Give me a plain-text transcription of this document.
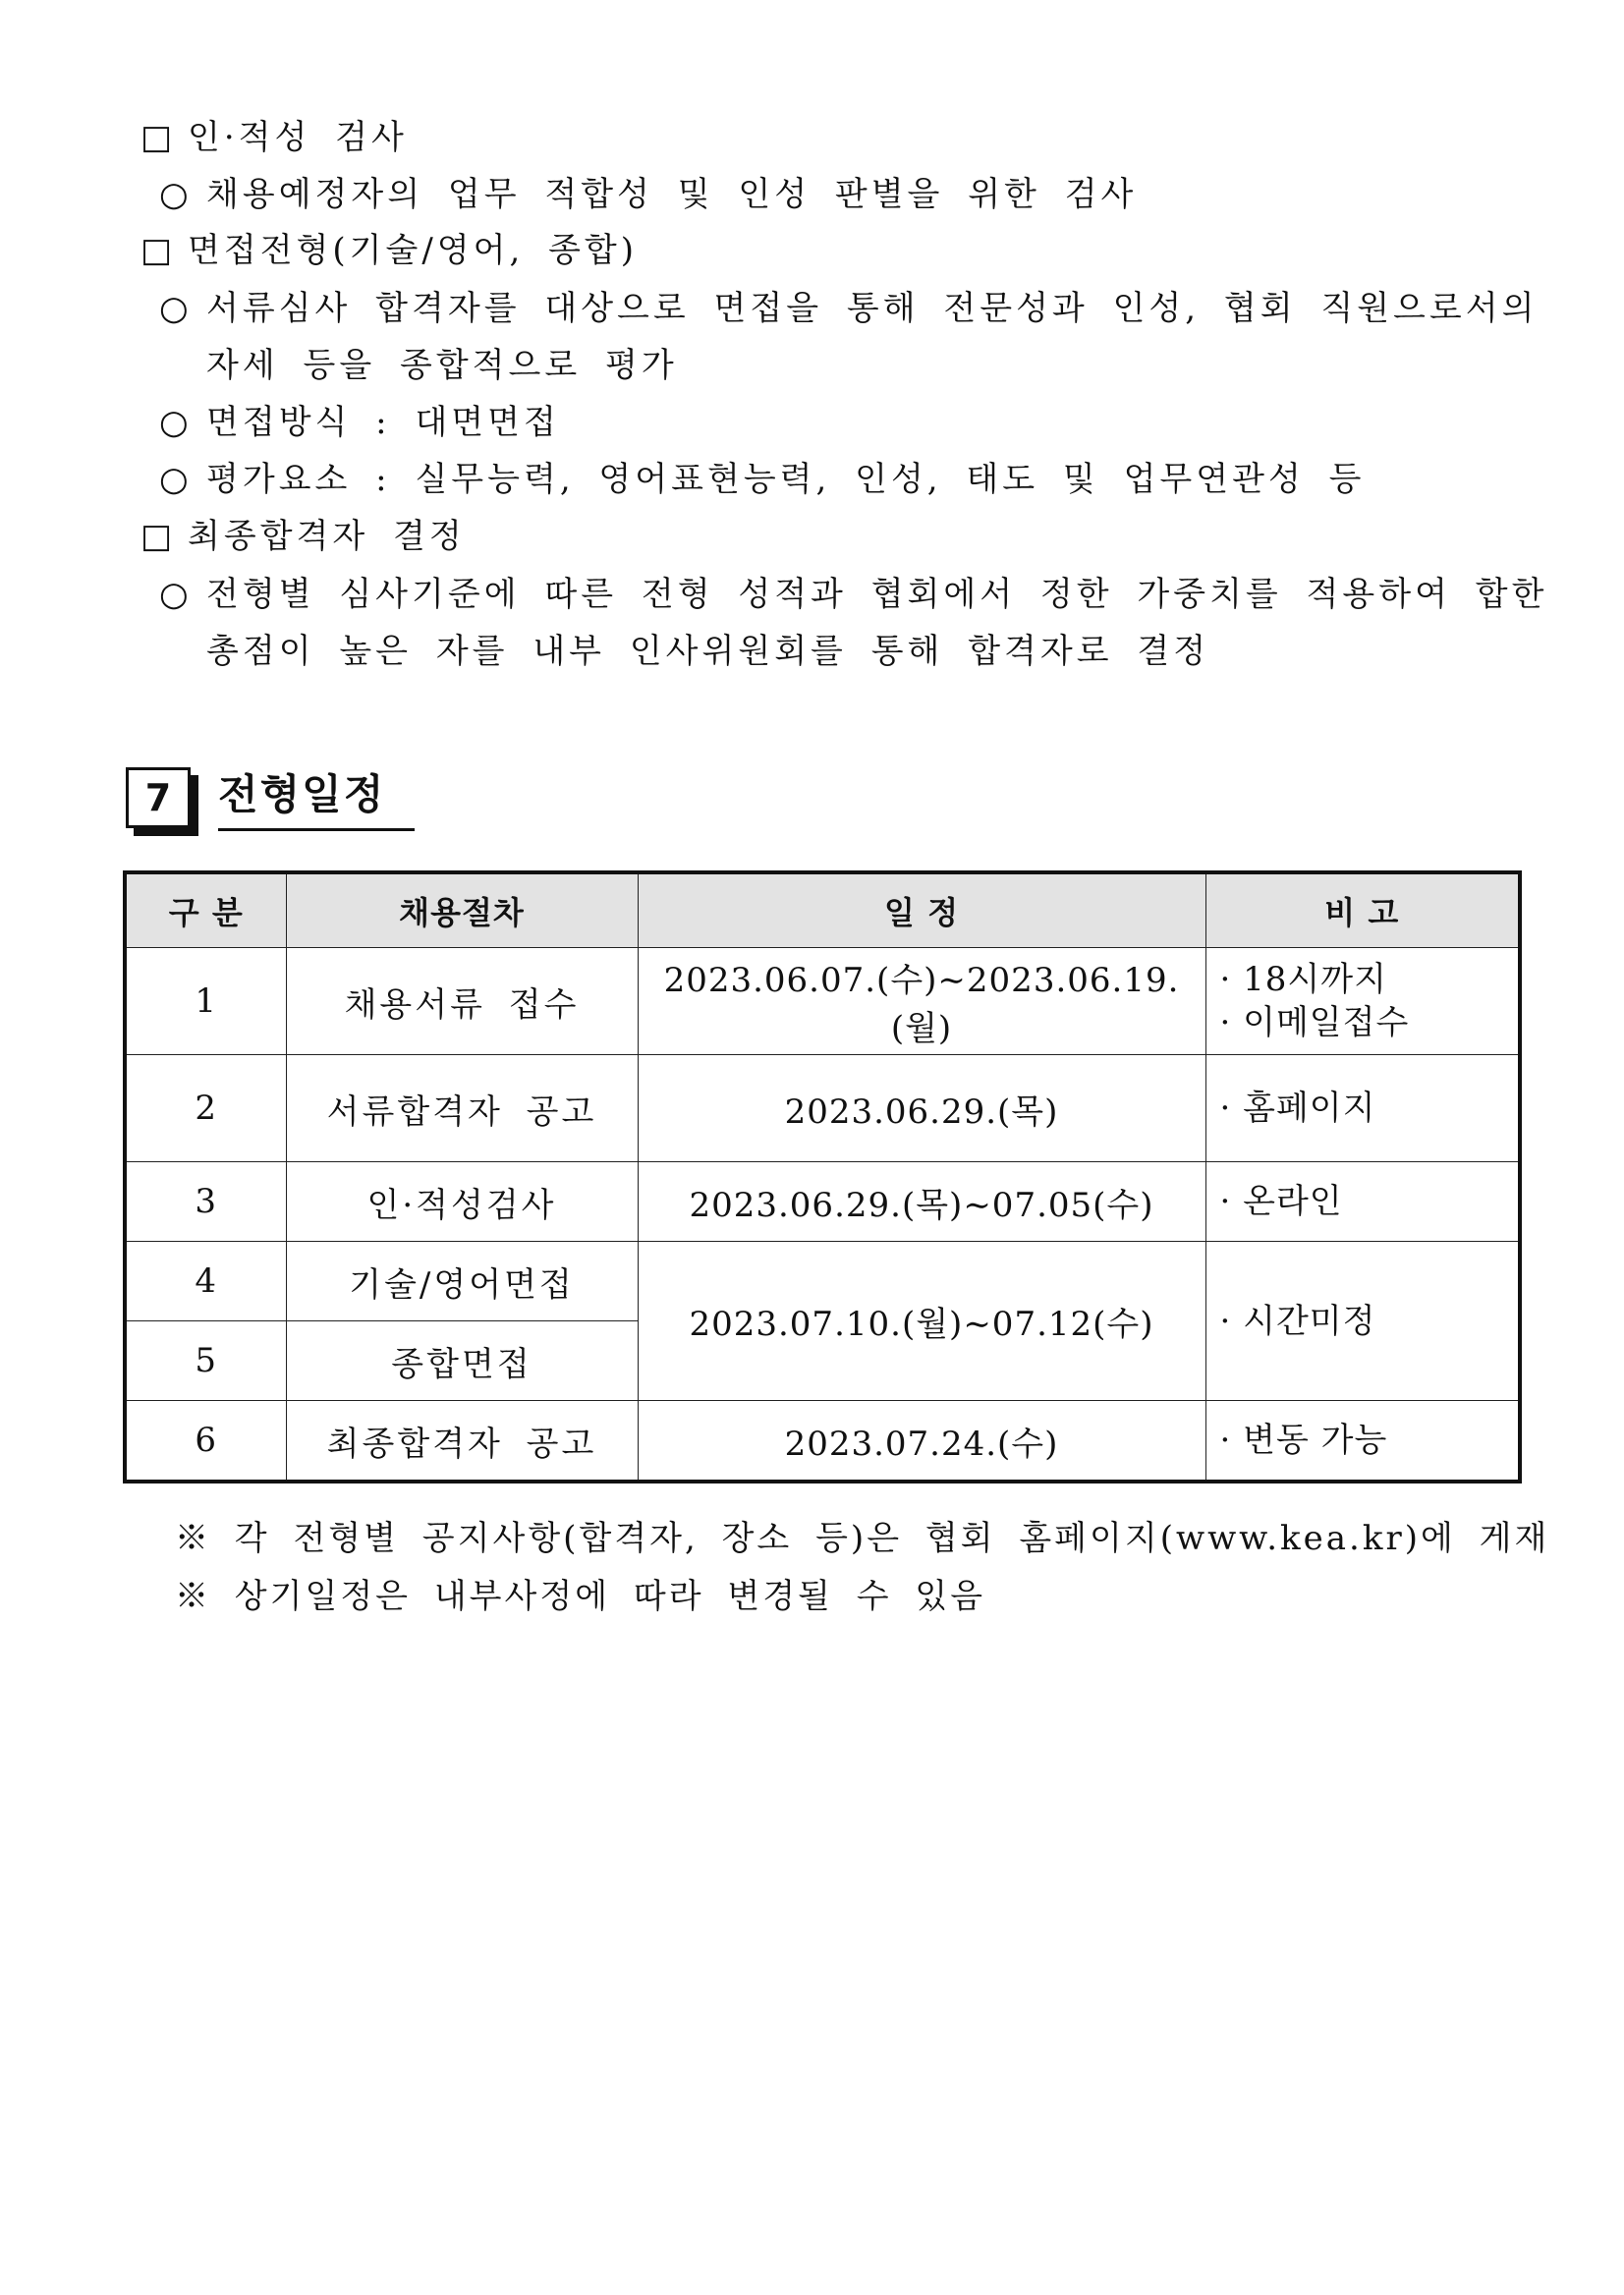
□ 인·적성 검사
○ 채용예정자의 업무 적합성 및 인성 판별을 위한 검사
□ 면접전형(기술/영어, 종합)
○ 서류심사 합격자를 대상으로 면접을 통해 전문성과 인성, 협회 직원으로서의
자세 등을 종합적으로 평가
○ 면접방식 : 대면면접
○ 평가요소 : 실무능력, 영어표현능력, 인성, 태도 및 업무연관성 등
□ 최종합격자 결정
○ 전형별 심사기준에 따른 전형 성적과 협회에서 정한 가중치를 적용하여 합한
총점이 높은 자를 내부 인사위원회를 통해 합격자로 결정
7	전형일정
구 분	채용절차	일 정	비 고
1	채용서류 접수	2023.06.07.(수)∼2023.06.19.(월)	· 18시까지
· 이메일접수

2	서류합격자 공고	2023.06.29.(목)	· 홈페이지
3	인·적성검사	2023.06.29.(목)∼07.05(수)	· 온라인
4	기술/영어면접	2023.07.10.(월)∼07.12(수)	· 시간미정
5	종합면접		
6	최종합격자 공고	2023.07.24.(수)	· 변동 가능
※ 각 전형별 공지사항(합격자, 장소 등)은 협회 홈페이지(www.kea.kr)에 게재
※ 상기일정은 내부사정에 따라 변경될 수 있음
